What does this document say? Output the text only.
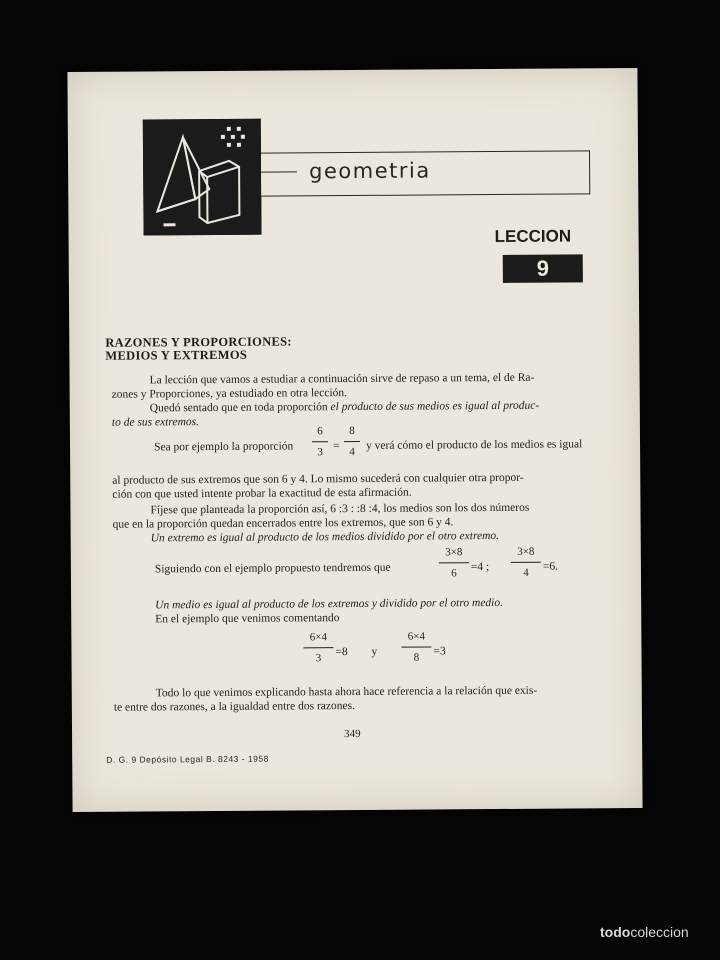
geometria
LECCION
9
RAZONES Y PROPORCIONES:
MEDIOS Y EXTREMOS
La lección que vamos a estudiar a continuación sirve de repaso a un tema, el de Ra-
zones y Proporciones, ya estudiado en otra lección.
Quedó sentado que en toda proporción el producto de sus medios es igual al produc-
to de sus extremos.
Sea por ejemplo la proporción
6
3
=
8
4
y verá cómo el producto de los medios es igual
al producto de sus extremos que son 6 y 4. Lo mismo sucederá con cualquier otra propor-
ción con que usted intente probar la exactitud de esta afirmación.
Fíjese que planteada la proporción así, 6 :3 : :8 :4, los medios son los dos números
que en la proporción quedan encerrados entre los extremos, que son 6 y 4.
Un extremo es igual al producto de los medios dividido por el otro extremo.
Siguiendo con el ejemplo propuesto tendremos que
3×8
6
=4 ;
3×8
4
=6.
Un medio es igual al producto de los extremos y dividido por el otro medio.
En el ejemplo que venimos comentando
6×4
3
=8 y
6×4
8
=3
Todo lo que venimos explicando hasta ahora hace referencia a la relación que exis-
te entre dos razones, a la igualdad entre dos razones.
349
D. G. 9 Depósito Legal B. 8243 - 1958
todocoleccion
